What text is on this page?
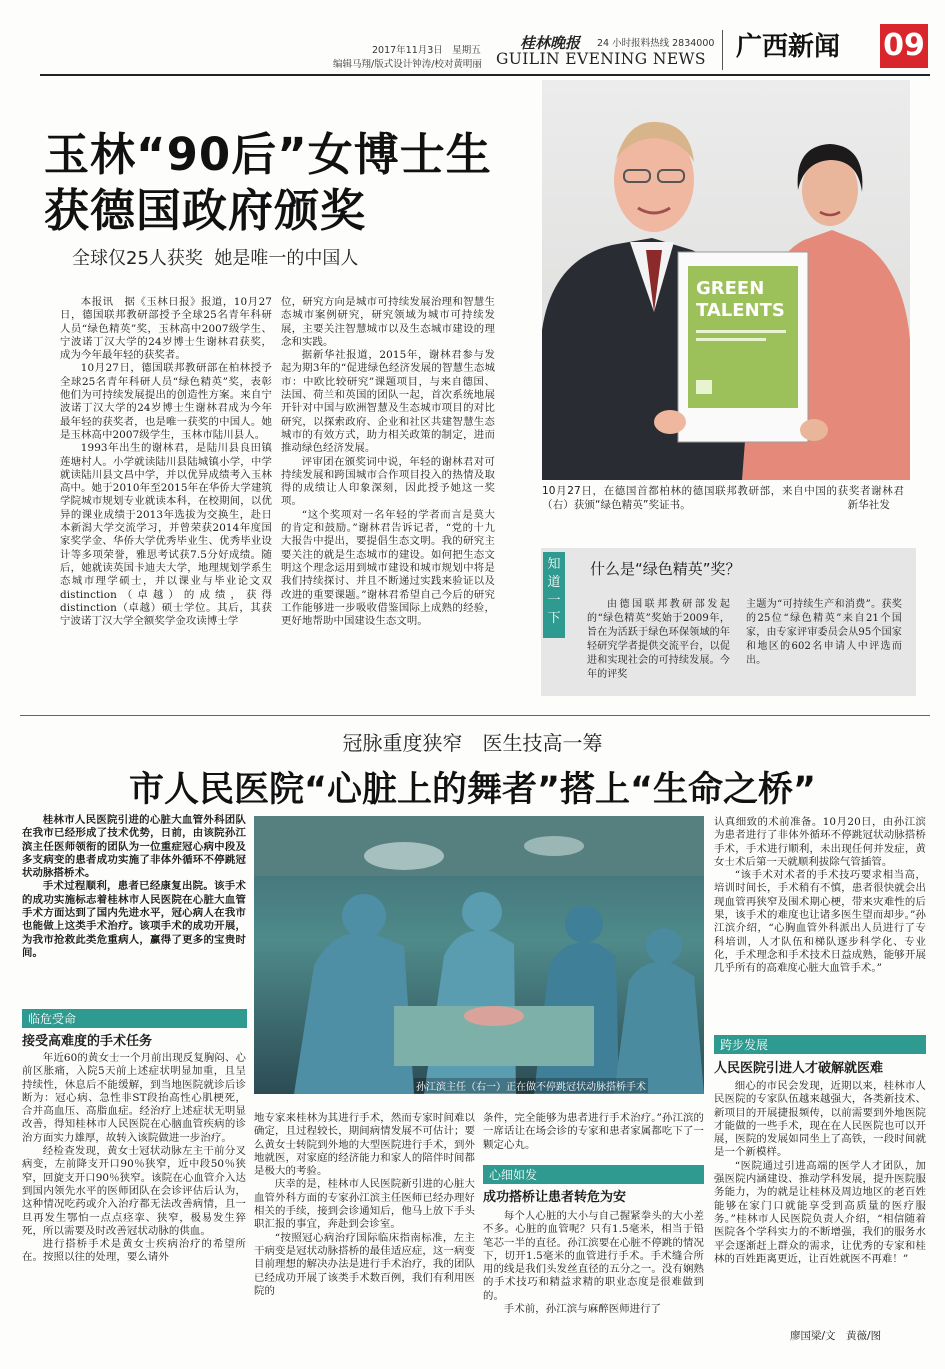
2017年11月3日　星期五
编辑马翔/版式设计钟涛/校对黄明丽
桂林晚报
GUILIN EVENING NEWS
24 小时报料热线 2834000 广西新闻 09
玉林“90后”女博士生
获德国政府颁奖
全球仅25人获奖  她是唯一的中国人

本报讯　据《玉林日报》报道，10月27日，德国联邦教研部授予全球25名青年科研人员“绿色精英”奖，玉林高中2007级学生、宁波诺丁汉大学的24岁博士生谢林君获奖，成为今年最年轻的获奖者。

10月27日，德国联邦教研部在柏林授予全球25名青年科研人员“绿色精英”奖，表彰他们为可持续发展提出的创造性方案。来自宁波诺丁汉大学的24岁博士生谢林君成为今年最年轻的获奖者，也是唯一获奖的中国人。她是玉林高中2007级学生，玉林市陆川县人。

1993年出生的谢林君，是陆川县良田镇莲塘村人。小学就读陆川县陆城镇小学，中学就读陆川县文昌中学，并以优异成绩考入玉林高中。她于2010年至2015年在华侨大学建筑学院城市规划专业就读本科，在校期间，以优异的课业成绩于2013年选拔为交换生，赴日本新潟大学交流学习，并曾荣获2014年度国家奖学金、华侨大学优秀毕业生、优秀毕业设计等多项荣誉，雅思考试获7.5分好成绩。随后，她就读英国卡迪夫大学，地理规划学系生态城市理学硕士，并以课业与毕业论文双distinction（卓越）的成绩，获得distinction（卓越）硕士学位。其后，其获宁波诺丁汉大学全额奖学金攻读博士学

位，研究方向是城市可持续发展治理和智慧生态城市案例研究，研究领域为城市可持续发展，主要关注智慧城市以及生态城市建设的理念和实践。

据新华社报道，2015年，谢林君参与发起为期3年的“促进绿色经济发展的智慧生态城市：中欧比较研究”课题项目，与来自德国、法国、荷兰和英国的团队一起，首次系统地展开针对中国与欧洲智慧及生态城市项目的对比研究，以探索政府、企业和社区共建智慧生态城市的有效方式，助力相关政策的制定，进而推动绿色经济发展。

评审团在颁奖词中说，年轻的谢林君对可持续发展和跨国城市合作项目投入的热情及取得的成绩让人印象深刻，因此授予她这一奖项。

“这个奖项对一名年轻的学者而言是莫大的肯定和鼓励。”谢林君告诉记者，“党的十九大报告中提出，要提倡生态文明。我的研究主要关注的就是生态城市的建设。如何把生态文明这个理念运用到城市建设和城市规划中将是我们持续探讨、并且不断递过实践来验证以及改进的重要课题。”谢林君希望自己今后的研究工作能够进一步吸收借鉴国际上成熟的经验，更好地帮助中国建设生态文明。

GREEN
TALENTS
10月27日，在德国首都柏林的德国联邦教研部，来自中国的获奖者谢林君（右）获颁“绿色精英”奖证书。	新华社发
知道一下
什么是“绿色精英”奖？

由德国联邦教研部发起的“绿色精英”奖始于2009年，旨在为活跃于绿色环保领域的年轻研究学者提供交流平台，以促进和实现社会的可持续发展。今年的评奖

主题为“可持续生产和消费”。获奖的25位“绿色精英”来自21个国家，由专家评审委员会从95个国家和地区的602名申请人中评选而出。

冠脉重度狭窄　医生技高一筹
市人民医院“心脏上的舞者”搭上“生命之桥”

桂林市人民医院引进的心脏大血管外科团队在我市已经形成了技术优势，日前，由该院孙江滨主任医师领衔的团队为一位重症冠心病中段及多支病变的患者成功实施了非体外循环不停跳冠状动脉搭桥术。

手术过程顺利，患者已经康复出院。该手术的成功实施标志着桂林市人民医院在心脏大血管手术方面达到了国内先进水平，冠心病人在我市也能做上这类手术治疗。该项手术的成功开展，为我市抢救此类危重病人，赢得了更多的宝贵时间。

孙江滨主任（右一）正在做不停跳冠状动脉搭桥手术
临危受命
接受高难度的手术任务

年近60的黄女士一个月前出现反复胸闷、心前区胀痛，入院5天前上述症状明显加重，且呈持续性，休息后不能缓解，到当地医院就诊后诊断为：冠心病、急性非ST段抬高性心肌梗死，合并高血压、高脂血症。经治疗上述症状无明显改善，得知桂林市人民医院在心脑血管疾病的诊治方面实力雄厚，故转入该院做进一步治疗。

经检查发现，黄女士冠状动脉左主干前分叉病变，左前降支开口90％狭窄，近中段50％狭窄，回旋支开口90％狭窄。该院在心血管介入达到国内领先水平的医师团队在会诊评估后认为，这种情况吃药或介入治疗都无法改善病情，且一旦再发生鄂怕一点点痉挛、狭窄，极易发生猝死，所以需要及时改善冠状动脉的供血。

进行搭桥手术是黄女士疾病治疗的希望所在。按照以往的处理，要么请外

地专家来桂林为其进行手术，然而专家时间难以确定，且过程较长，期间病情发展不可估计；要么黄女士转院到外地的大型医院进行手术，到外地就医，对家庭的经济能力和家人的陪伴时间都是极大的考验。

庆幸的是，桂林市人民医院新引进的心脏大血管外科方面的专家孙江滨主任医师已经办理好相关的手续，接到会诊通知后，他马上放下手头职汇报的事宜，奔赴到会诊室。

“按照冠心病治疗国际临床指南标准，左主干病变是冠状动脉搭桥的最佳适应症，这一病变目前理想的解决办法是进行手术治疗，我的团队已经成功开展了该类手术数百例，我们有利用医院的

条件，完全能够为患者进行手术治疗。”孙江滨的一席话让在场会诊的专家和患者家属都吃下了一颗定心丸。

心细如发
成功搭桥让患者转危为安

每个人心脏的大小与自己握紧拳头的大小差不多。心脏的血管呢？只有1.5毫米，相当于铅笔芯一半的直径。孙江滨要在心脏不停跳的情况下，切开1.5毫米的血管进行手术。手术缝合所用的线是我们头发丝直径的五分之一。没有娴熟的手术技巧和精益求精的职业态度是很难做到的。

手术前，孙江滨与麻醉医师进行了

认真细致的术前准备。10月20日，由孙江滨为患者进行了非体外循环不停跳冠状动脉搭桥手术，手术进行顺利，未出现任何并发症，黄女士术后第一天就顺利拔除气管插管。

“该手术对术者的手术技巧要求相当高，培训时间长，手术稍有不慎，患者很快就会出现血管再狭窄及围术期心梗，带来灾难性的后果，该手术的难度也让诸多医生望而却步。”孙江滨介绍，“心胸血管外科派出人员进行了专科培训，人才队伍和梯队逐步科学化、专业化，手术理念和手术技术日益成熟，能够开展几乎所有的高难度心脏大血管手术。”

跨步发展
人民医院引进人才破解就医难

细心的市民会发现，近期以来，桂林市人民医院的专家队伍越来越强大，各类新技术、新项目的开展捷报频传，以前需要到外地医院才能做的一些手术，现在在人民医院也可以开展，医院的发展如同坐上了高铁，一段时间就是一个新模样。

“医院通过引进高端的医学人才团队，加强医院内涵建设、推动学科发展，提升医院服务能力，为的就是让桂林及周边地区的老百姓能够在家门口就能享受到高质量的医疗服务。”桂林市人民医院负责人介绍，“相信随着医院各个学科实力的不断增强，我们的服务水平会逐渐赶上群众的需求，让优秀的专家和桂林的百姓距离更近，让百姓就医不再难！”

廖国梁/文　黄薇/图
